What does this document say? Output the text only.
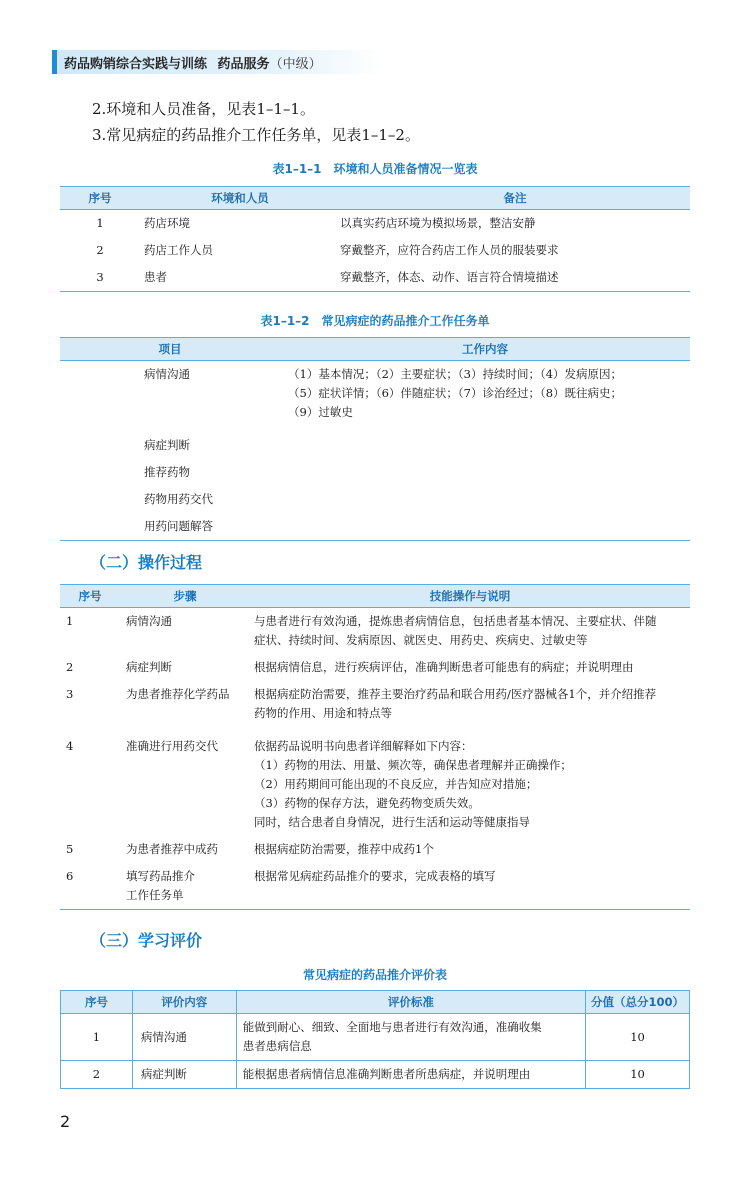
药品购销综合实践与训练 药品服务（中级）
2.环境和人员准备，见表1–1–1。
3.常见病症的药品推介工作任务单，见表1–1–2。
表1–1–1　环境和人员准备情况一览表
序号	环境和人员	备注
1	药店环境	以真实药店环境为模拟场景，整洁安静
2	药店工作人员	穿戴整齐，应符合药店工作人员的服装要求
3	患者	穿戴整齐，体态、动作、语言符合情境描述
表1–1–2　常见病症的药品推介工作任务单
项目	工作内容
病情沟通	（1）基本情况；（2）主要症状；（3）持续时间；（4）发病原因；
（5）症状详情；（6）伴随症状；（7）诊治经过；（8）既往病史；
（9）过敏史

病症判断	
推荐药物	
药物用药交代	
用药问题解答	
（二）操作过程
序号	步骤	技能操作与说明
1	病情沟通	与患者进行有效沟通，提炼患者病情信息，包括患者基本情况、主要症状、伴随
症状、持续时间、发病原因、就医史、用药史、疾病史、过敏史等

2	病症判断	根据病情信息，进行疾病评估，准确判断患者可能患有的病症；并说明理由
3	为患者推荐化学药品	根据病症防治需要，推荐主要治疗药品和联合用药/医疗器械各1个，并介绍推荐
药物的作用、用途和特点等

4	准确进行用药交代	依据药品说明书向患者详细解释如下内容：
（1）药物的用法、用量、频次等，确保患者理解并正确操作；
（2）用药期间可能出现的不良反应，并告知应对措施；
（3）药物的保存方法，避免药物变质失效。
同时，结合患者自身情况，进行生活和运动等健康指导

5	为患者推荐中成药	根据病症防治需要，推荐中成药1个
6	填写药品推介
工作任务单	根据常见病症药品推介的要求，完成表格的填写
（三）学习评价
常见病症的药品推介评价表
序号	评价内容	评价标准	分值（总分100）
1	病情沟通	能做到耐心、细致、全面地与患者进行有效沟通，准确收集
患者患病信息	10
2	病症判断	能根据患者病情信息准确判断患者所患病症，并说明理由	10
2
